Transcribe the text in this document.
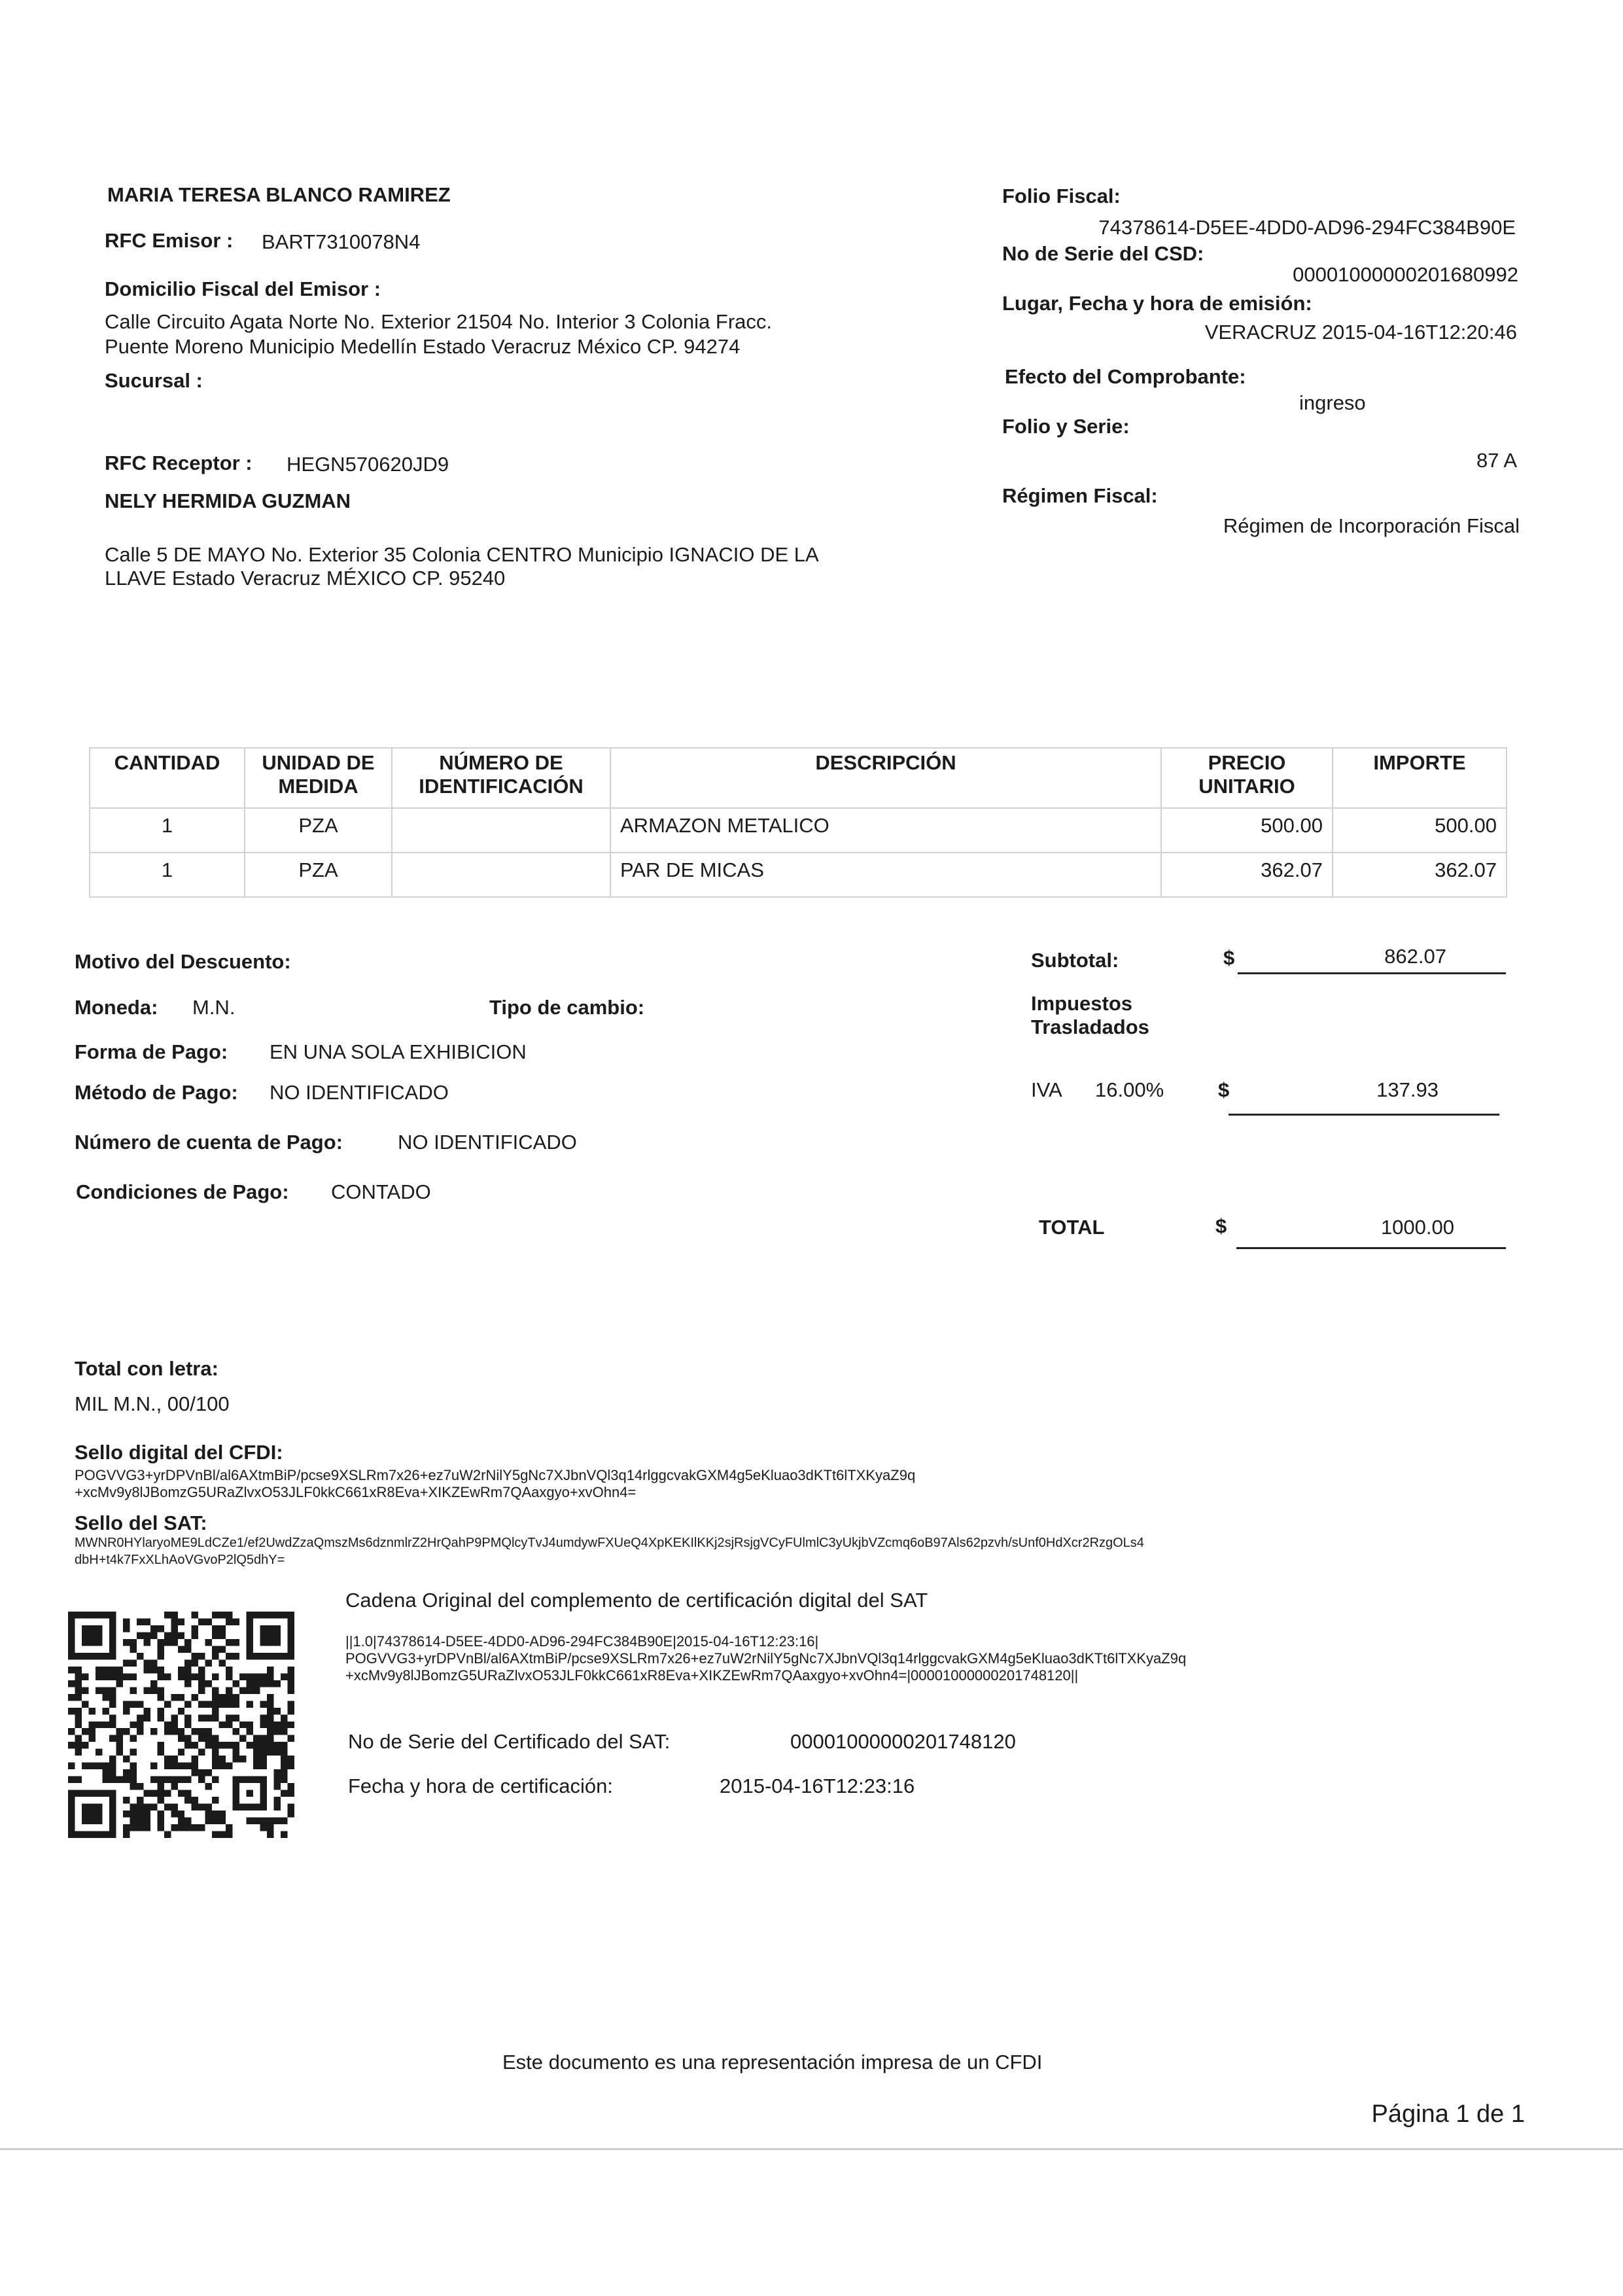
MARIA TERESA BLANCO RAMIREZ
RFC Emisor : BART7310078N4
Domicilio Fiscal del Emisor :
Calle Circuito Agata Norte No. Exterior 21504 No. Interior 3 Colonia Fracc.
Puente Moreno Municipio Medellín Estado Veracruz México CP. 94274
Sucursal :
RFC Receptor : HEGN570620JD9
NELY HERMIDA GUZMAN
Calle 5 DE MAYO No. Exterior 35 Colonia CENTRO Municipio IGNACIO DE LA
LLAVE Estado Veracruz MÉXICO CP. 95240
Folio Fiscal:
74378614-D5EE-4DD0-AD96-294FC384B90E
No de Serie del CSD:
00001000000201680992
Lugar, Fecha y hora de emisión:
VERACRUZ 2015-04-16T12:20:46
Efecto del Comprobante:
ingreso
Folio y Serie:
87 A
Régimen Fiscal:
Régimen de Incorporación Fiscal
CANTIDAD	UNIDAD DE MEDIDA	NÚMERO DE IDENTIFICACIÓN	DESCRIPCIÓN	PRECIO UNITARIO	IMPORTE
1	PZA		ARMAZON METALICO	500.00	500.00
1	PZA		PAR DE MICAS	362.07	362.07
Motivo del Descuento:
Moneda: M.N.	Tipo de cambio:
Forma de Pago: EN UNA SOLA EXHIBICION
Método de Pago: NO IDENTIFICADO
Número de cuenta de Pago:	NO IDENTIFICADO
Condiciones de Pago: CONTADO
Subtotal:	$	862.07
Impuestos
Trasladados
IVA 16.00%	$	137.93
TOTAL	$	1000.00
Total con letra:
MIL M.N., 00/100
Sello digital del CFDI:
POGVVG3+yrDPVnBl/al6AXtmBiP/pcse9XSLRm7x26+ez7uW2rNilY5gNc7XJbnVQl3q14rlggcvakGXM4g5eKluao3dKTt6lTXKyaZ9q
+xcMv9y8lJBomzG5URaZlvxO53JLF0kkC661xR8Eva+XIKZEwRm7QAaxgyo+xvOhn4=
Sello del SAT:
MWNR0HYlaryoME9LdCZe1/ef2UwdZzaQmszMs6dznmlrZ2HrQahP9PMQlcyTvJ4umdywFXUeQ4XpKEKIlKKj2sjRsjgVCyFUlmlC3yUkjbVZcmq6oB97Als62pzvh/sUnf0HdXcr2RzgOLs4
dbH+t4k7FxXLhAoVGvoP2lQ5dhY=
Cadena Original del complemento de certificación digital del SAT
||1.0|74378614-D5EE-4DD0-AD96-294FC384B90E|2015-04-16T12:23:16|
POGVVG3+yrDPVnBl/al6AXtmBiP/pcse9XSLRm7x26+ez7uW2rNilY5gNc7XJbnVQl3q14rlggcvakGXM4g5eKluao3dKTt6lTXKyaZ9q
+xcMv9y8lJBomzG5URaZlvxO53JLF0kkC661xR8Eva+XIKZEwRm7QAaxgyo+xvOhn4=|00001000000201748120||
No de Serie del Certificado del SAT:	00001000000201748120
Fecha y hora de certificación:	2015-04-16T12:23:16
Este documento es una representación impresa de un CFDI
Página 1 de 1
